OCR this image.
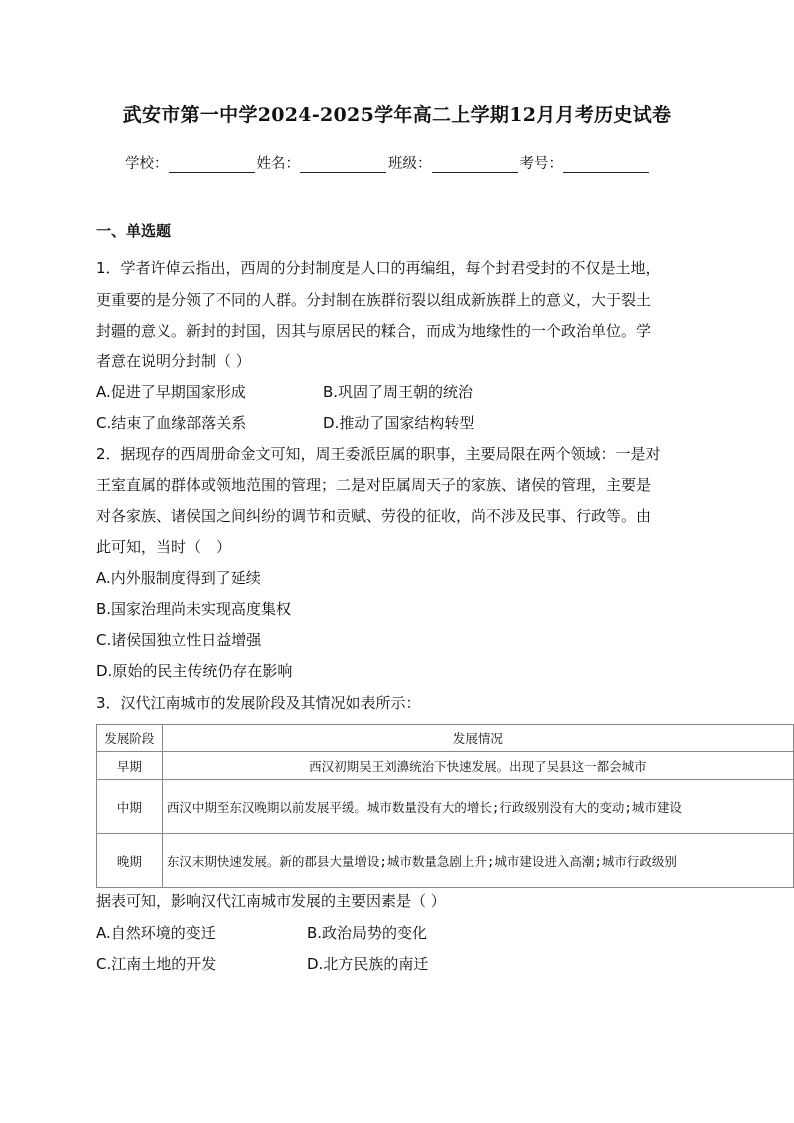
武安市第一中学2024-2025学年高二上学期12月月考历史试卷
学校：	姓名：	班级：	考号：
一、单选题
1．学者许倬云指出，西周的分封制度是人口的再编组，每个封君受封的不仅是土地，
更重要的是分领了不同的人群。分封制在族群衍裂以组成新族群上的意义，大于裂土
封疆的意义。新封的封国，因其与原居民的糅合，而成为地缘性的一个政治单位。学
者意在说明分封制（ ）
A.促进了早期国家形成	B.巩固了周王朝的统治
C.结束了血缘部落关系	D.推动了国家结构转型
2．据现存的西周册命金文可知，周王委派臣属的职事，主要局限在两个领域：一是对
王室直属的群体或领地范围的管理；二是对臣属周天子的家族、诸侯的管理，主要是
对各家族、诸侯国之间纠纷的调节和贡赋、劳役的征收，尚不涉及民事、行政等。由
此可知，当时（　）
A.内外服制度得到了延续
B.国家治理尚未实现高度集权
C.诸侯国独立性日益增强
D.原始的民主传统仍存在影响
3．汉代江南城市的发展阶段及其情况如表所示：
发展阶段	发展情况
早期	西汉初期吴王刘濞统治下快速发展。出现了吴县这一都会城市
中期	西汉中期至东汉晚期以前发展平缓。城市数量没有大的增长;行政级别没有大的变动;城市建设
晚期	东汉末期快速发展。新的郡县大量增设;城市数量急剧上升;城市建设进入高潮;城市行政级别
据表可知，影响汉代江南城市发展的主要因素是（ ）
A.自然环境的变迁	B.政治局势的变化
C.江南土地的开发	D.北方民族的南迁
